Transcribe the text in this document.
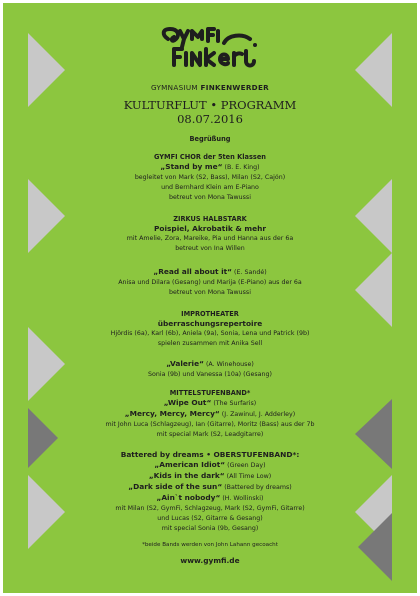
GYMNASIUM FINKENWERDER
KULTURFLUT • PROGRAMM
08.07.2016
Begrüßung
GYMFI CHOR der 5ten Klassen
„Stand by me“ (B. E. King)
begleitet von Mark (S2, Bass), Milan (S2, Cajón)
und Bernhard Klein am E-Piano
betreut von Mona Tawussi
ZIRKUS HALBSTARK
Poispiel, Akrobatik & mehr
mit Amelie, Zora, Mareike, Pia und Hanna aus der 6a
betreut von Ina Willen
„Read all about it“ (E. Sandé)
Anisa und Dilara (Gesang) und Marija (E-Piano) aus der 6a
betreut von Mona Tawussi
IMPROTHEATER
überraschungsrepertoire
Hjördis (6a), Karl (6b), Aniela (9a), Sonia, Lena und Patrick (9b)
spielen zusammen mit Anika Sell
„Valerie“ (A. Winehouse)
Sonia (9b) und Vanessa (10a) (Gesang)
MITTELSTUFENBAND*
„Wipe Out“ (The Surfaris)
„Mercy, Mercy, Mercy“ (J. Zawinul, J. Adderley)
mit John Luca (Schlagzeug), Ian (Gitarre), Moritz (Bass) aus der 7b
mit special Mark (S2, Leadgitarre)
Battered by dreams • OBERSTUFENBAND*:
„American Idiot“ (Green Day)
„Kids in the dark“ (All Time Low)
„Dark side of the sun“ (Battered by dreams)
„Ain`t nobody“ (H. Wollinski)
mit Milan (S2, GymFi, Schlagzeug, Mark (S2, GymFi, Gitarre)
und Lucas (S2, Gitarre & Gesang)
mit special Sonia (9b, Gesang)
*beide Bands werden von John Lahann gecoacht
www.gymfi.de
